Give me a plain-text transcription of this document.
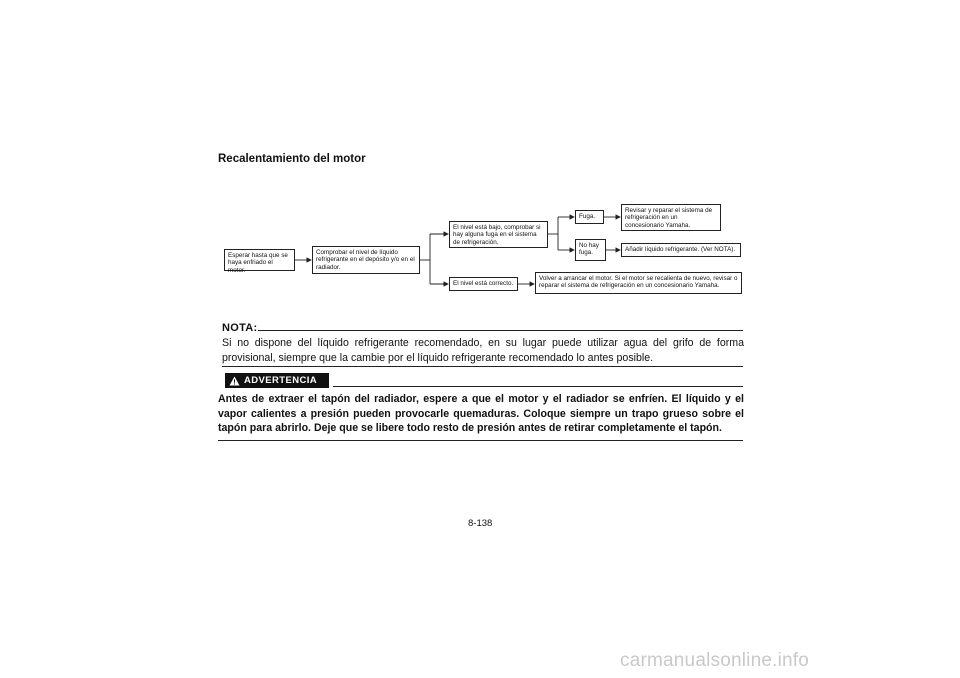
Recalentamiento del motor
Esperar hasta que se haya enfriado el motor.
Comprobar el nivel de líquido refrigerante en el depósito y/o en el radiador.
El nivel está bajo, comprobar si hay alguna fuga en el sistema de refrigeración.
Fuga.
Revisar y reparar el sistema de refrigeración en un concesionario Yamaha.
No hay fuga.	Añadir líquido refrigerante. (Ver NOTA).
El nivel está correcto.
Volver a arrancar el motor. Si el motor se recalienta de nuevo, revisar o reparar el sistema de refrigeración en un concesionario Yamaha.
NOTA:
Si no dispone del líquido refrigerante recomendado, en su lugar puede utilizar agua del grifo de forma provisional, siempre que la cambie por el líquido refrigerante recomendado lo antes posible.
ADVERTENCIA
Antes de extraer el tapón del radiador, espere a que el motor y el radiador se enfríen. El líquido y el vapor calientes a presión pueden provocarle quemaduras. Coloque siempre un trapo grueso sobre el tapón para abrirlo. Deje que se libere todo resto de presión antes de retirar completamente el tapón.
8-138
carmanualsonline.info
